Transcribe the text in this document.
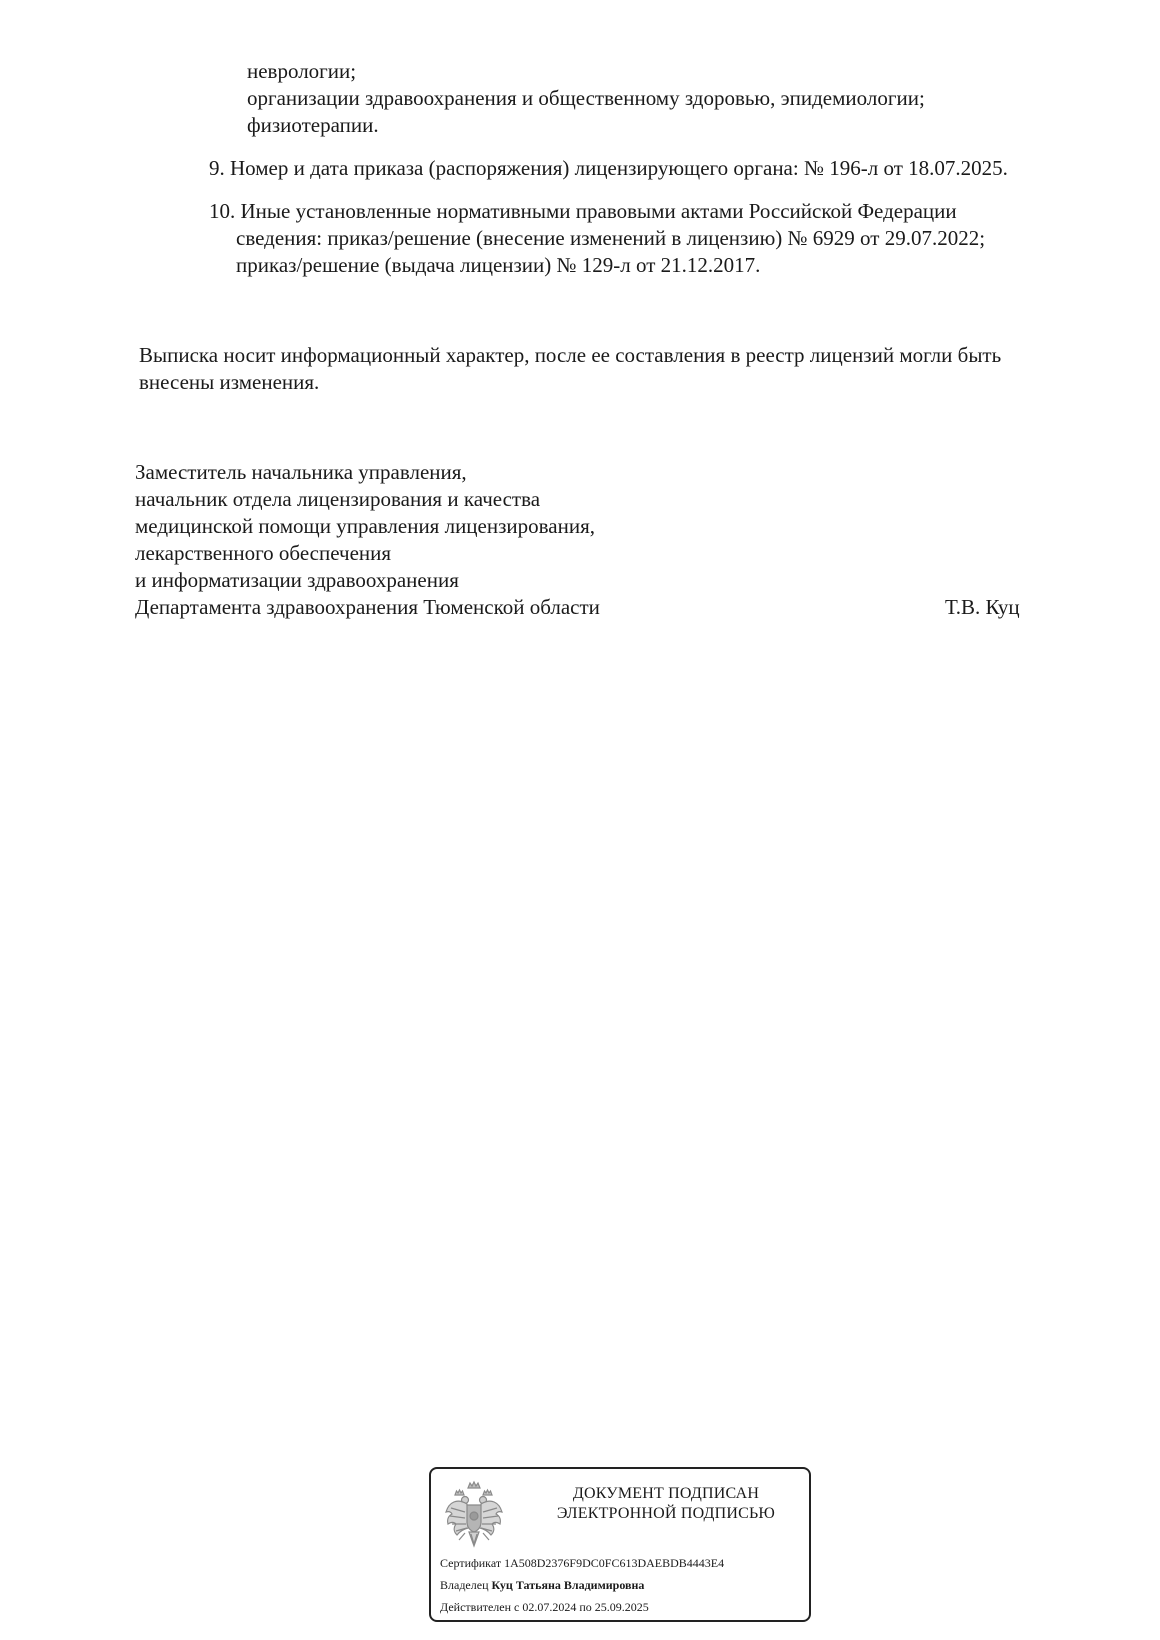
неврологии;
организации здравоохранения и общественному здоровью, эпидемиологии;
физиотерапии.
9. Номер и дата приказа (распоряжения) лицензирующего органа: № 196-л от 18.07.2025.
10. Иные установленные нормативными правовыми актами Российской Федерации
сведения: приказ/решение (внесение изменений в лицензию) № 6929 от 29.07.2022;
приказ/решение (выдача лицензии) № 129-л от 21.12.2017.
Выписка носит информационный характер, после ее составления в реестр лицензий могли быть
внесены изменения.
Заместитель начальника управления,
начальник отдела лицензирования и качества
медицинской помощи управления лицензирования,
лекарственного обеспечения
и информатизации здравоохранения
Департамента здравоохранения Тюменской области	Т.В. Куц
ДОКУМЕНТ ПОДПИСАН
ЭЛЕКТРОННОЙ ПОДПИСЬЮ
Сертификат 1A508D2376F9DC0FC613DAEBDB4443E4
Владелец Куц Татьяна Владимировна
Действителен с 02.07.2024 по 25.09.2025
